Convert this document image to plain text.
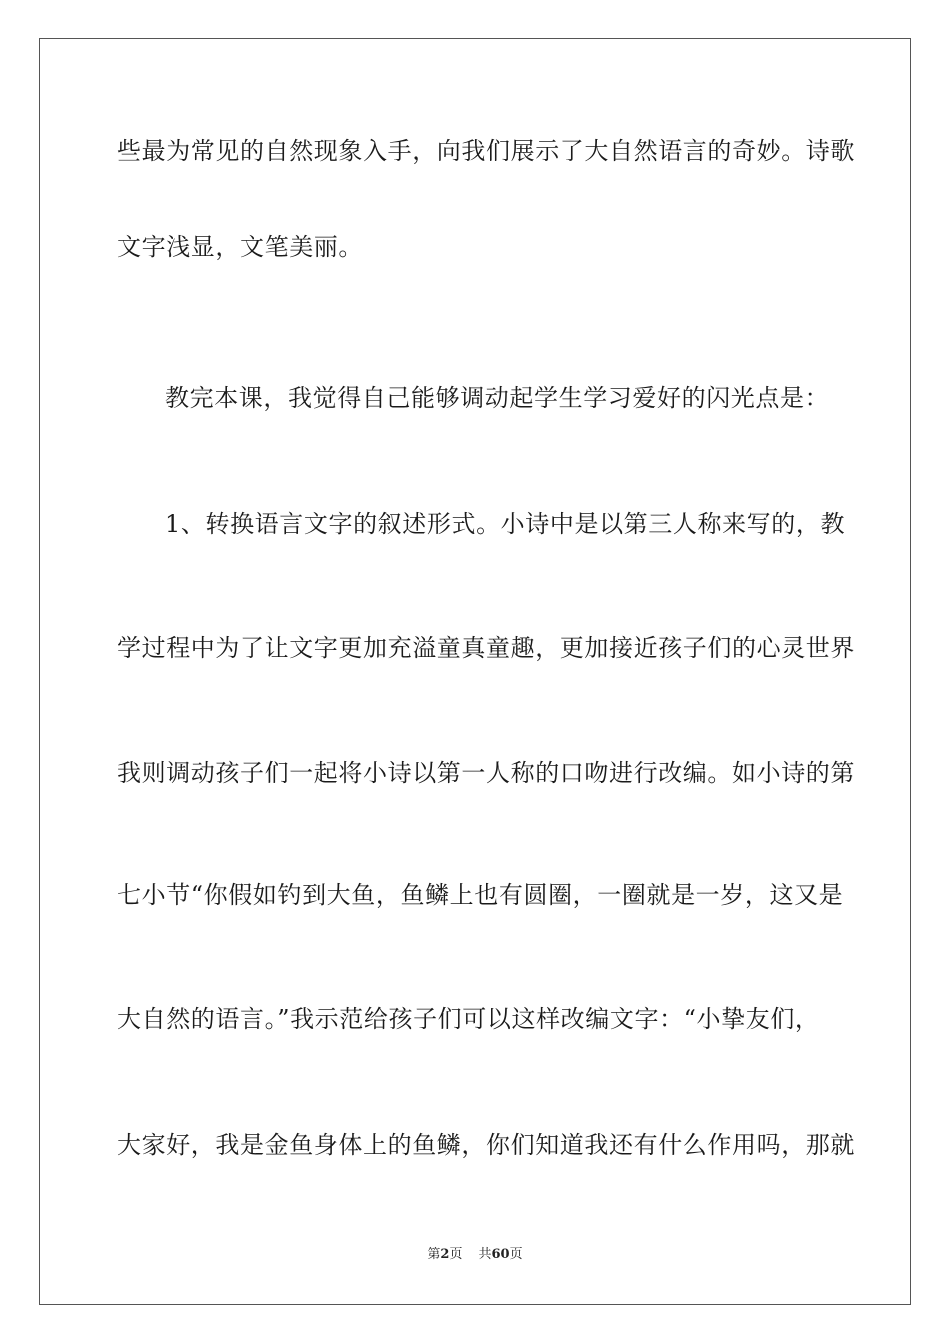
些最为常见的自然现象入手，向我们展示了大自然语言的奇妙。诗歌
文字浅显，文笔美丽。
教完本课，我觉得自己能够调动起学生学习爱好的闪光点是：
1、转换语言文字的叙述形式。小诗中是以第三人称来写的，教
学过程中为了让文字更加充溢童真童趣，更加接近孩子们的心灵世界
我则调动孩子们一起将小诗以第一人称的口吻进行改编。如小诗的第
七小节“你假如钓到大鱼，鱼鳞上也有圆圈，一圈就是一岁，这又是
大自然的语言。”我示范给孩子们可以这样改编文字：“小挚友们，
大家好，我是金鱼身体上的鱼鳞，你们知道我还有什么作用吗，那就
第2页 共60页
